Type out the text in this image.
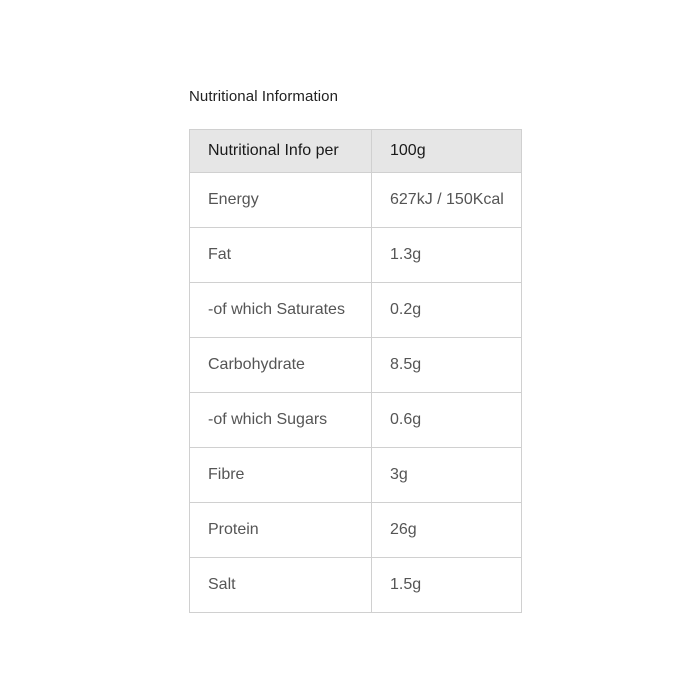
Nutritional Information
Nutritional Info per	100g
Energy	627kJ / 150Kcal
Fat	1.3g
-of which Saturates	0.2g
Carbohydrate	8.5g
-of which Sugars	0.6g
Fibre	3g
Protein	26g
Salt	1.5g
